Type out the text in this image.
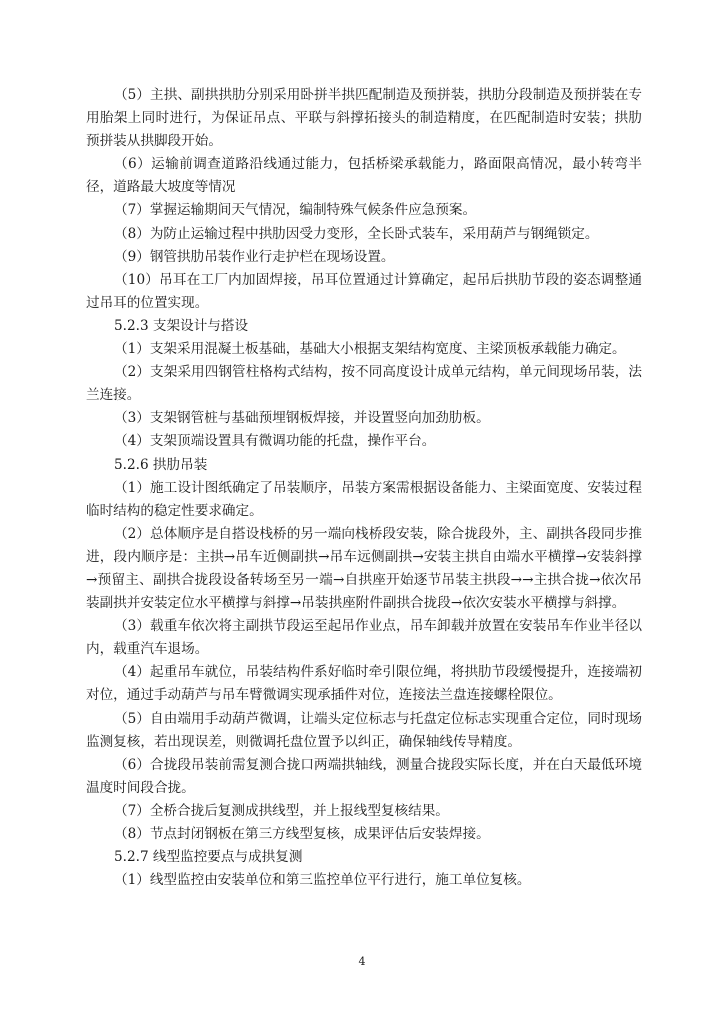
（5）主拱、副拱拱肋分别采用卧拼半拱匹配制造及预拼装，拱肋分段制造及预拼装在专用胎架上同时进行，为保证吊点、平联与斜撑拓接头的制造精度，在匹配制造时安装；拱肋预拼装从拱脚段开始。

（6）运输前调查道路沿线通过能力，包括桥梁承载能力，路面限高情况，最小转弯半径，道路最大坡度等情况

（7）掌握运输期间天气情况，编制特殊气候条件应急预案。

（8）为防止运输过程中拱肋因受力变形，全长卧式装车，采用葫芦与钢绳锁定。

（9）钢管拱肋吊装作业行走护栏在现场设置。

（10）吊耳在工厂内加固焊接，吊耳位置通过计算确定，起吊后拱肋节段的姿态调整通过吊耳的位置实现。

5.2.3 支架设计与搭设

（1）支架采用混凝土板基础，基础大小根据支架结构宽度、主梁顶板承载能力确定。

（2）支架采用四钢管柱格构式结构，按不同高度设计成单元结构，单元间现场吊装，法兰连接。

（3）支架钢管桩与基础预埋钢板焊接，并设置竖向加劲肋板。

（4）支架顶端设置具有微调功能的托盘，操作平台。

5.2.6 拱肋吊装

（1）施工设计图纸确定了吊装顺序，吊装方案需根据设备能力、主梁面宽度、安装过程临时结构的稳定性要求确定。

（2）总体顺序是自搭设栈桥的另一端向栈桥段安装，除合拢段外，主、副拱各段同步推进，段内顺序是：主拱→吊车近侧副拱→吊车远侧副拱→安装主拱自由端水平横撑→安装斜撑→预留主、副拱合拢段设备转场至另一端→自拱座开始逐节吊装主拱段→→主拱合拢→依次吊装副拱并安装定位水平横撑与斜撑→吊装拱座附件副拱合拢段→依次安装水平横撑与斜撑。

（3）载重车依次将主副拱节段运至起吊作业点，吊车卸载并放置在安装吊车作业半径以内，载重汽车退场。

（4）起重吊车就位，吊装结构件系好临时牵引限位绳，将拱肋节段缓慢提升，连接端初对位，通过手动葫芦与吊车臂微调实现承插件对位，连接法兰盘连接螺栓限位。

（5）自由端用手动葫芦微调，让端头定位标志与托盘定位标志实现重合定位，同时现场监测复核，若出现误差，则微调托盘位置予以纠正，确保轴线传导精度。

（6）合拢段吊装前需复测合拢口两端拱轴线，测量合拢段实际长度，并在白天最低环境温度时间段合拢。

（7）全桥合拢后复测成拱线型，并上报线型复核结果。

（8）节点封闭钢板在第三方线型复核，成果评估后安装焊接。

5.2.7 线型监控要点与成拱复测

（1）线型监控由安装单位和第三监控单位平行进行，施工单位复核。

4
